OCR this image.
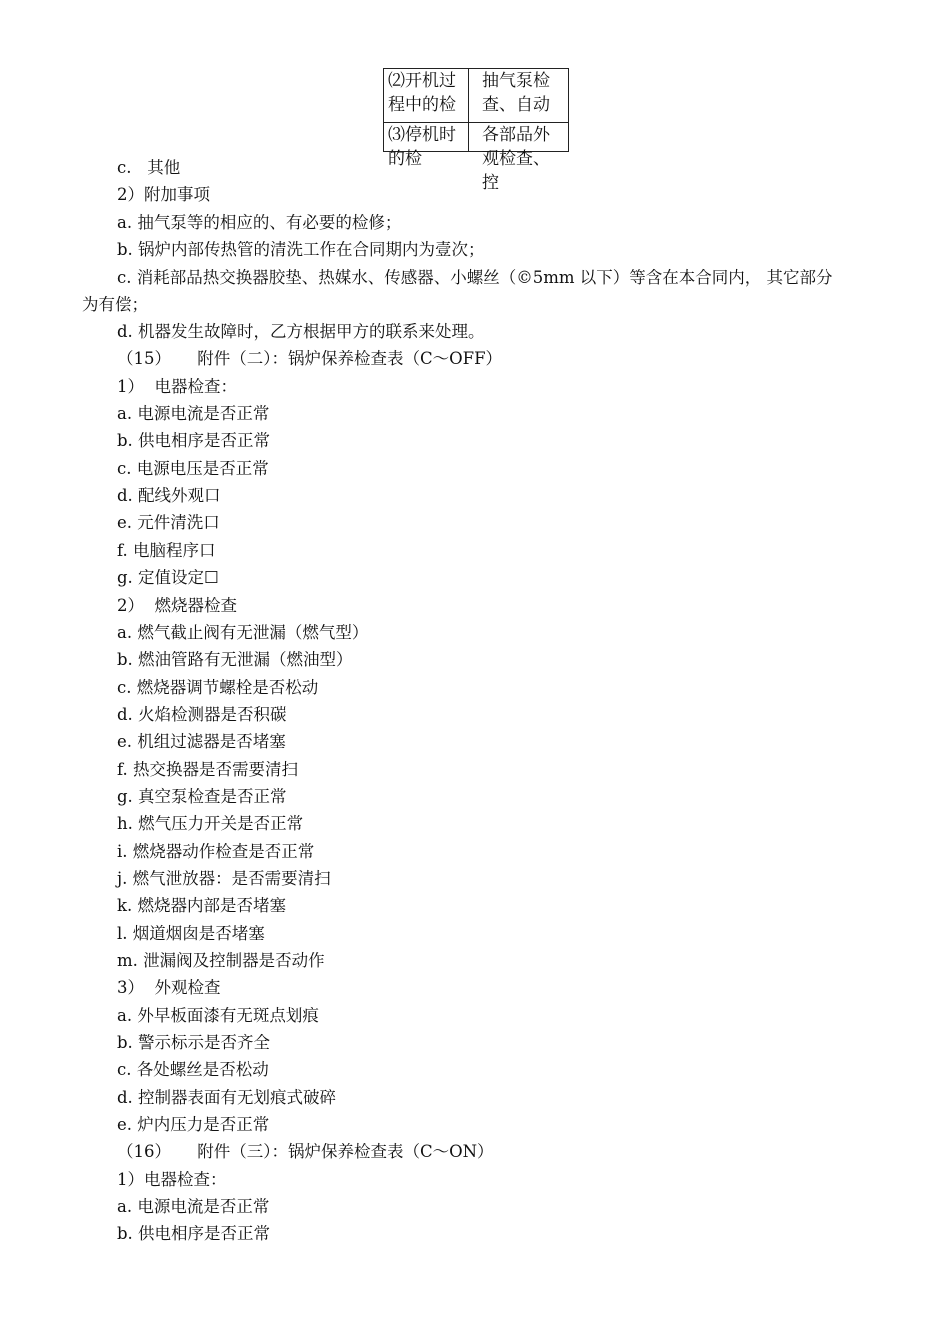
⑵开机过程中的检	抽气泵检查、自动

⑶停机时的检	各部品外观检查、控
c.   其他
2）附加事项
a. 抽气泵等的相应的、有必要的检修；
b. 锅炉内部传热管的清洗工作在合同期内为壹次；
c. 消耗部品热交换器胶垫、热媒水、传感器、小螺丝（©5mm 以下）等含在本合同内， 其它部分
为有偿；
d. 机器发生故障时，乙方根据甲方的联系来处理。
（15）     附件（二）：锅炉保养检查表（C〜OFF）
1）  电器检查：
a. 电源电流是否正常
b. 供电相序是否正常
c. 电源电压是否正常
d. 配线外观口
e. 元件清洗口
f. 电脑程序口
g. 定值设定☐
2）  燃烧器检查
a. 燃气截止阀有无泄漏（燃气型）
b. 燃油管路有无泄漏（燃油型）
c. 燃烧器调节螺栓是否松动
d. 火焰检测器是否积碳
e. 机组过滤器是否堵塞
f. 热交换器是否需要清扫
g. 真空泵检查是否正常
h. 燃气压力开关是否正常
i. 燃烧器动作检查是否正常
j. 燃气泄放器：是否需要清扫
k. 燃烧器内部是否堵塞
l. 烟道烟囱是否堵塞
m. 泄漏阀及控制器是否动作
3）  外观检查
a. 外早板面漆有无斑点划痕
b. 警示标示是否齐全
c. 各处螺丝是否松动
d. 控制器表面有无划痕式破碎
e. 炉内压力是否正常
（16）     附件（三）：锅炉保养检查表（C〜ON）
1）电器检查：
a. 电源电流是否正常
b. 供电相序是否正常
